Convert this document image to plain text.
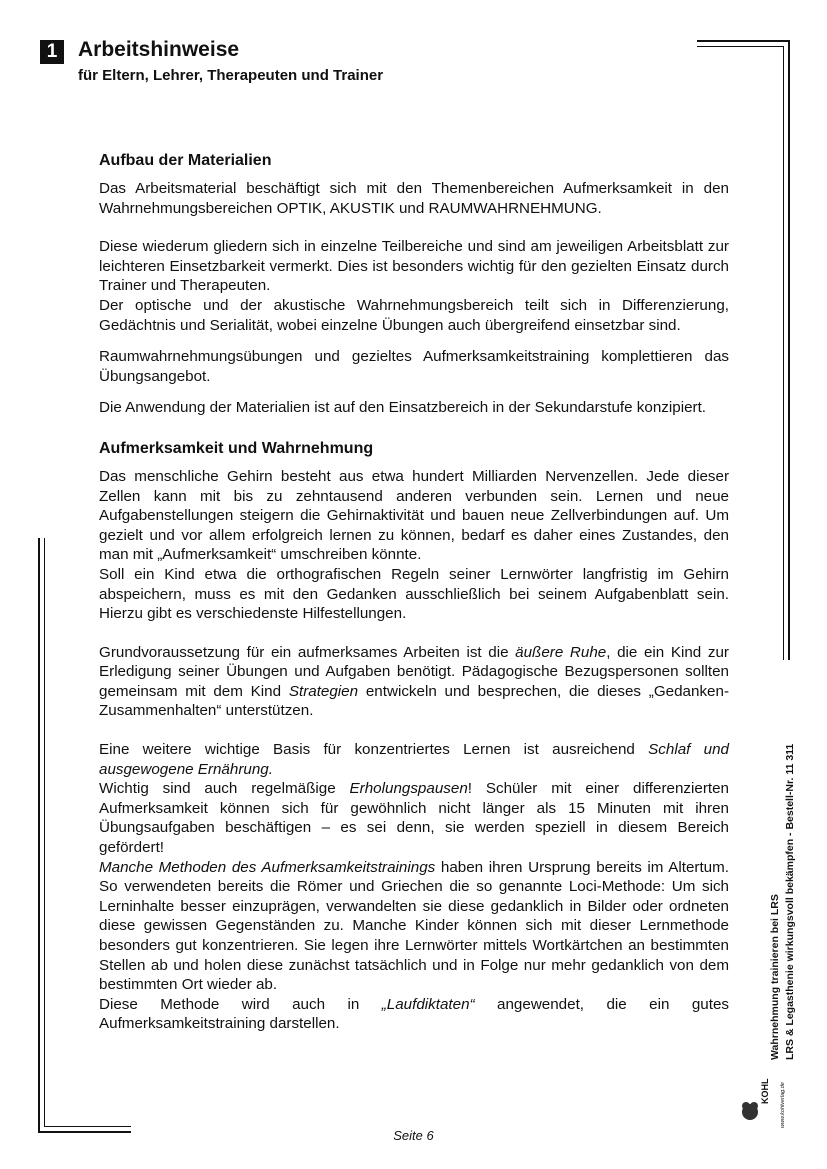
1 Arbeitshinweise
für Eltern, Lehrer, Therapeuten und Trainer
Aufbau der Materialien

Das Arbeitsmaterial beschäftigt sich mit den Themenbereichen Aufmerksamkeit in den Wahrnehmungsbereichen OPTIK, AKUSTIK und RAUMWAHRNEHMUNG.

Diese wiederum gliedern sich in einzelne Teilbereiche und sind am jeweiligen Arbeitsblatt zur leichteren Einsetzbarkeit vermerkt. Dies ist besonders wichtig für den gezielten Einsatz durch Trainer und Therapeuten.

Der optische und der akustische Wahrnehmungsbereich teilt sich in Differenzierung, Gedächtnis und Serialität, wobei einzelne Übungen auch übergreifend einsetzbar sind.

Raumwahrnehmungsübungen und gezieltes Aufmerksamkeitstraining komplettieren das Übungsangebot.

Die Anwendung der Materialien ist auf den Einsatzbereich in der Sekundarstufe konzipiert.

Aufmerksamkeit und Wahrnehmung

Das menschliche Gehirn besteht aus etwa hundert Milliarden Nervenzellen. Jede dieser Zellen kann mit bis zu zehntausend anderen verbunden sein. Lernen und neue Aufgabenstellungen steigern die Gehirnaktivität und bauen neue Zellverbindungen auf. Um gezielt und vor allem erfolgreich lernen zu können, bedarf es daher eines Zustandes, den man mit „Aufmerksamkeit“ umschreiben könnte.

Soll ein Kind etwa die orthografischen Regeln seiner Lernwörter langfristig im Gehirn abspeichern, muss es mit den Gedanken ausschließlich bei seinem Aufgabenblatt sein. Hierzu gibt es verschiedenste Hilfestellungen.

Grundvoraussetzung für ein aufmerksames Arbeiten ist die äußere Ruhe, die ein Kind zur Erledigung seiner Übungen und Aufgaben benötigt. Pädagogische Bezugspersonen sollten gemeinsam mit dem Kind Strategien entwickeln und besprechen, die dieses „Gedanken-Zusammenhalten“ unterstützen.

Eine weitere wichtige Basis für konzentriertes Lernen ist ausreichend Schlaf und ausgewogene Ernährung.

Wichtig sind auch regelmäßige Erholungspausen! Schüler mit einer differenzierten Aufmerksamkeit können sich für gewöhnlich nicht länger als 15 Minuten mit ihren Übungsaufgaben beschäftigen – es sei denn, sie werden speziell in diesem Bereich gefördert!

Manche Methoden des Aufmerksamkeitstrainings haben ihren Ursprung bereits im Altertum. So verwendeten bereits die Römer und Griechen die so genannte Loci-Methode: Um sich Lerninhalte besser einzuprägen, verwandelten sie diese gedanklich in Bilder oder ordneten diese gewissen Gegenständen zu. Manche Kinder können sich mit dieser Lernmethode besonders gut konzentrieren. Sie legen ihre Lernwörter mittels Wortkärtchen an bestimmten Stellen ab und holen diese zunächst tatsächlich und in Folge nur mehr gedanklich von dem bestimmten Ort wieder ab.

Diese Methode wird auch in „Laufdiktaten“ angewendet, die ein gutes Aufmerksamkeitstraining darstellen.	Wahrnehmung trainieren bei LRS LRS & Legasthenie wirkungsvoll bekämpfen - Bestell-Nr. 11 311
KOHL www.kohlverlag.de
Seite 6
